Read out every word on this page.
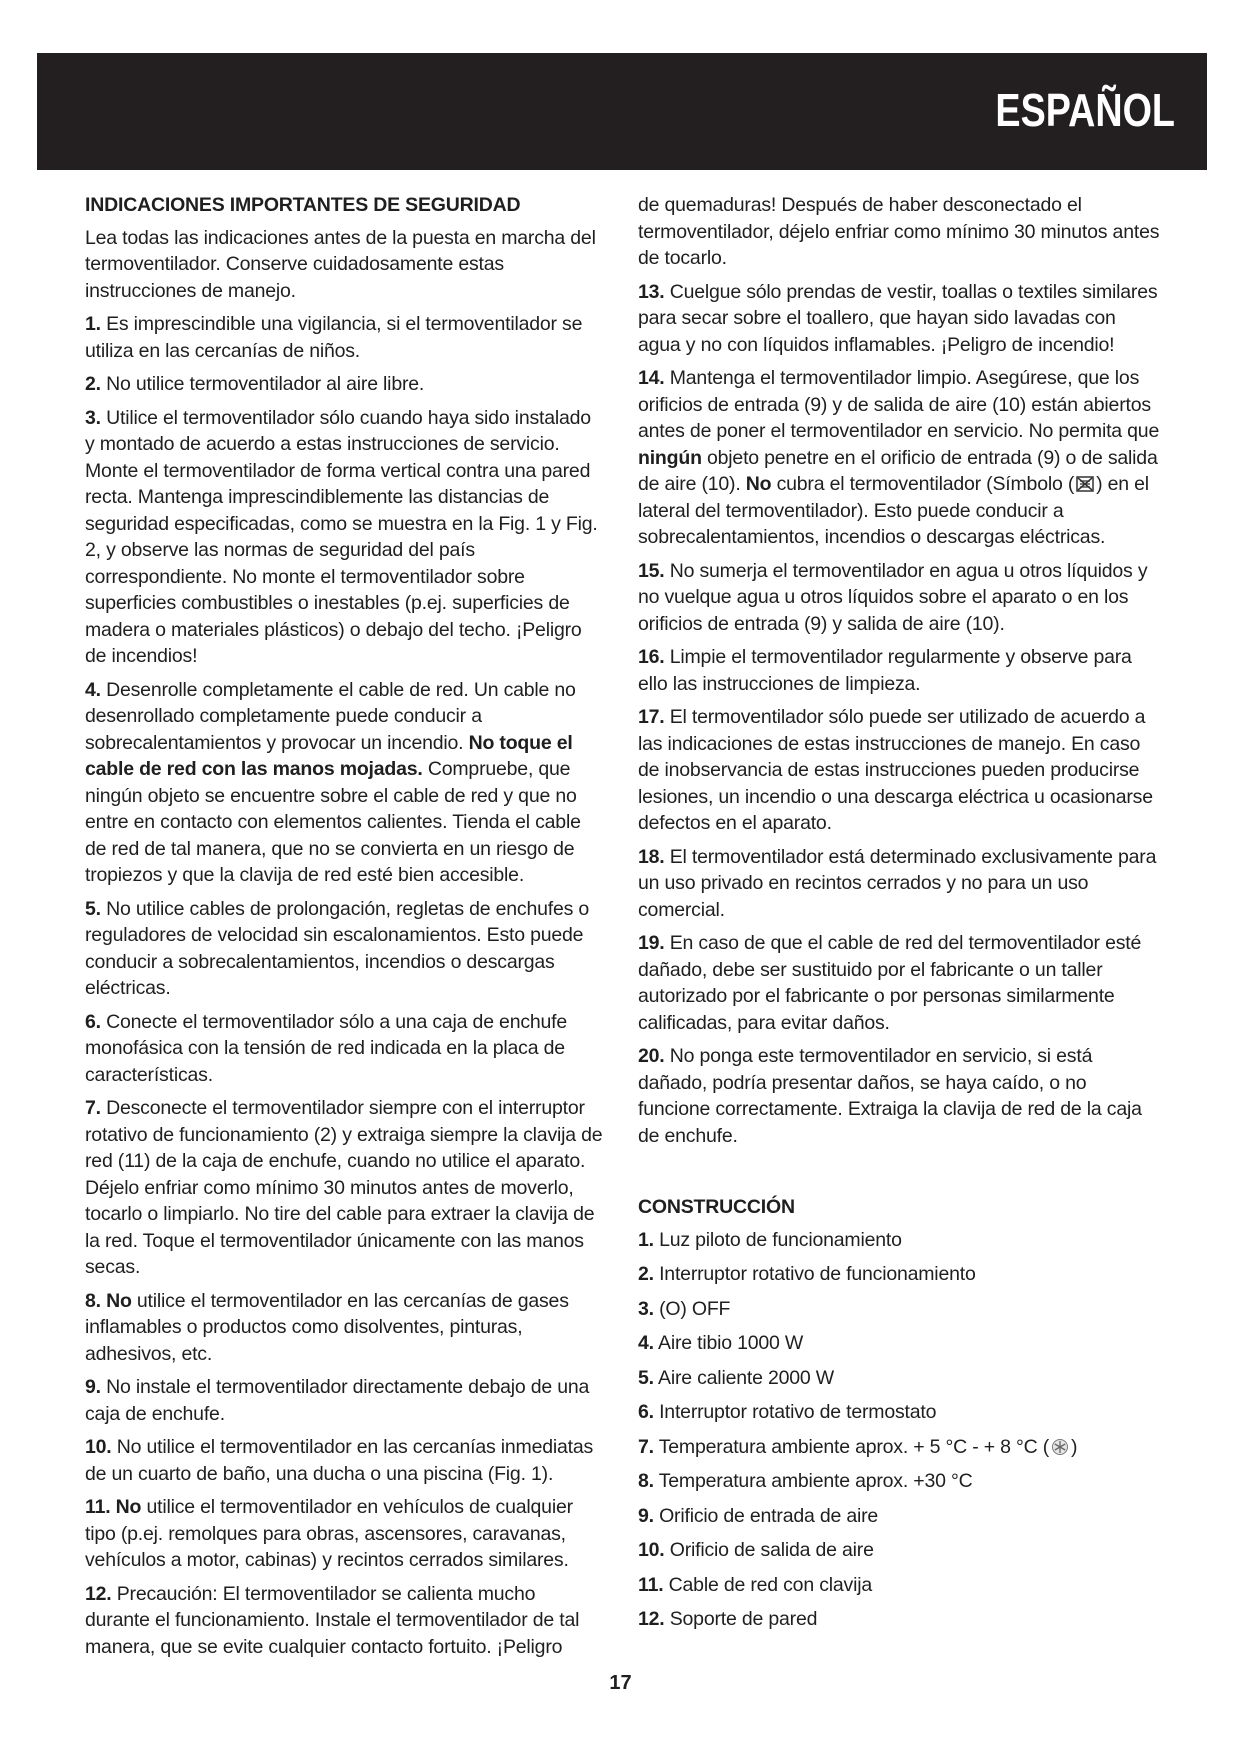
ESPAÑOL
INDICACIONES IMPORTANTES DE SEGURIDAD

Lea todas las indicaciones antes de la puesta en marcha del termoventilador. Conserve cuidadosamente estas instrucciones de manejo.

1. Es imprescindible una vigilancia, si el termoventilador se utiliza en las cercanías de niños.

2. No utilice termoventilador al aire libre.

3. Utilice el termoventilador sólo cuando haya sido instalado y montado de acuerdo a estas instrucciones de servicio. Monte el termoventilador de forma vertical contra una pared recta. Mantenga imprescindiblemente las distancias de seguridad especificadas, como se muestra en la Fig. 1 y Fig. 2, y observe las normas de seguridad del país correspondiente. No monte el termoventilador sobre superficies combustibles o inestables (p.ej. superficies de madera o materiales plásticos) o debajo del techo. ¡Peligro de incendios!

4. Desenrolle completamente el cable de red. Un cable no desenrollado completamente puede conducir a sobrecalentamientos y provocar un incendio. No toque el cable de red con las manos mojadas. Compruebe, que ningún objeto se encuentre sobre el cable de red y que no entre en contacto con elementos calientes. Tienda el cable de red de tal manera, que no se convierta en un riesgo de tropiezos y que la clavija de red esté bien accesible.

5. No utilice cables de prolongación, regletas de enchufes o reguladores de velocidad sin escalonamientos. Esto puede conducir a sobrecalentamientos, incendios o descargas eléctricas.

6. Conecte el termoventilador sólo a una caja de enchufe monofásica con la tensión de red indicada en la placa de características.

7. Desconecte el termoventilador siempre con el interruptor rotativo de funcionamiento (2) y extraiga siempre la clavija de red (11) de la caja de enchufe, cuando no utilice el aparato. Déjelo enfriar como mínimo 30 minutos antes de moverlo, tocarlo o limpiarlo. No tire del cable para extraer la clavija de la red. Toque el termoventilador únicamente con las manos secas.

8. No utilice el termoventilador en las cercanías de gases inflamables o productos como disolventes, pinturas, adhesivos, etc.

9. No instale el termoventilador directamente debajo de una caja de enchufe.

10. No utilice el termoventilador en las cercanías inmediatas de un cuarto de baño, una ducha o una piscina (Fig. 1).

11. No utilice el termoventilador en vehículos de cualquier tipo (p.ej. remolques para obras, ascensores, caravanas, vehículos a motor, cabinas) y recintos cerrados similares.

12. Precaución: El termoventilador se calienta mucho durante el funcionamiento. Instale el termoventilador de tal manera, que se evite cualquier contacto fortuito. ¡Peligro

de quemaduras! Después de haber desconectado el termoventilador, déjelo enfriar como mínimo 30 minutos antes de tocarlo.

13. Cuelgue sólo prendas de vestir, toallas o textiles similares para secar sobre el toallero, que hayan sido lavadas con agua y no con líquidos inflamables. ¡Peligro de incendio!

14. Mantenga el termoventilador limpio. Asegúrese, que los orificios de entrada (9) y de salida de aire (10) están abiertos antes de poner el termoventilador en servicio. No permita que ningún objeto penetre en el orificio de entrada (9) o de salida de aire (10). No cubra el termoventilador (Símbolo ( ) en el lateral del termoventilador). Esto puede conducir a sobrecalentamientos, incendios o descargas eléctricas.

15. No sumerja el termoventilador en agua u otros líquidos y no vuelque agua u otros líquidos sobre el aparato o en los orificios de entrada (9) y salida de aire (10).

16. Limpie el termoventilador regularmente y observe para ello las instrucciones de limpieza.

17. El termoventilador sólo puede ser utilizado de acuerdo a las indicaciones de estas instrucciones de manejo. En caso de inobservancia de estas instrucciones pueden producirse lesiones, un incendio o una descarga eléctrica u ocasionarse defectos en el aparato.

18. El termoventilador está determinado exclusivamente para un uso privado en recintos cerrados y no para un uso comercial.

19. En caso de que el cable de red del termoventilador esté dañado, debe ser sustituido por el fabricante o un taller autorizado por el fabricante o por personas similarmente calificadas, para evitar daños.

20. No ponga este termoventilador en servicio, si está dañado, podría presentar daños, se haya caído, o no funcione correctamente. Extraiga la clavija de red de la caja de enchufe.

CONSTRUCCIÓN
1. Luz piloto de funcionamiento
2. Interruptor rotativo de funcionamiento
3. (O) OFF
4. Aire tibio 1000 W
5. Aire caliente 2000 W
6. Interruptor rotativo de termostato
7. Temperatura ambiente aprox. + 5 °C - + 8 °C ( )
8. Temperatura ambiente aprox. +30 °C
9. Orificio de entrada de aire
10. Orificio de salida de aire
11. Cable de red con clavija
12. Soporte de pared
17
